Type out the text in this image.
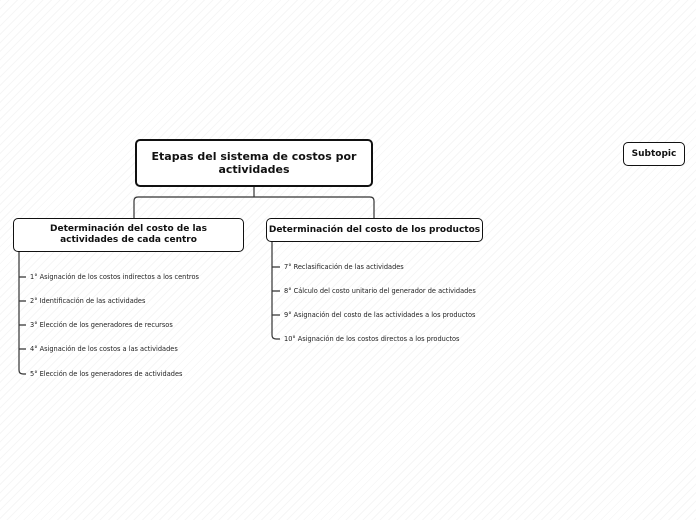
Etapas del sistema de costos por actividades
Determinación del costo de las actividades de cada centro
Determinación del costo de los productos
Subtopic
1° Asignación de los costos indirectos a los centros
2° Identificación de las actividades
3° Elección de los generadores de recursos
4° Asignación de los costos a las actividades
5° Elección de los generadores de actividades
7° Reclasificación de las actividades
8° Cálculo del costo unitario del generador de actividades
9° Asignación del costo de las actividades a los productos
10° Asignación de los costos directos a los productos
